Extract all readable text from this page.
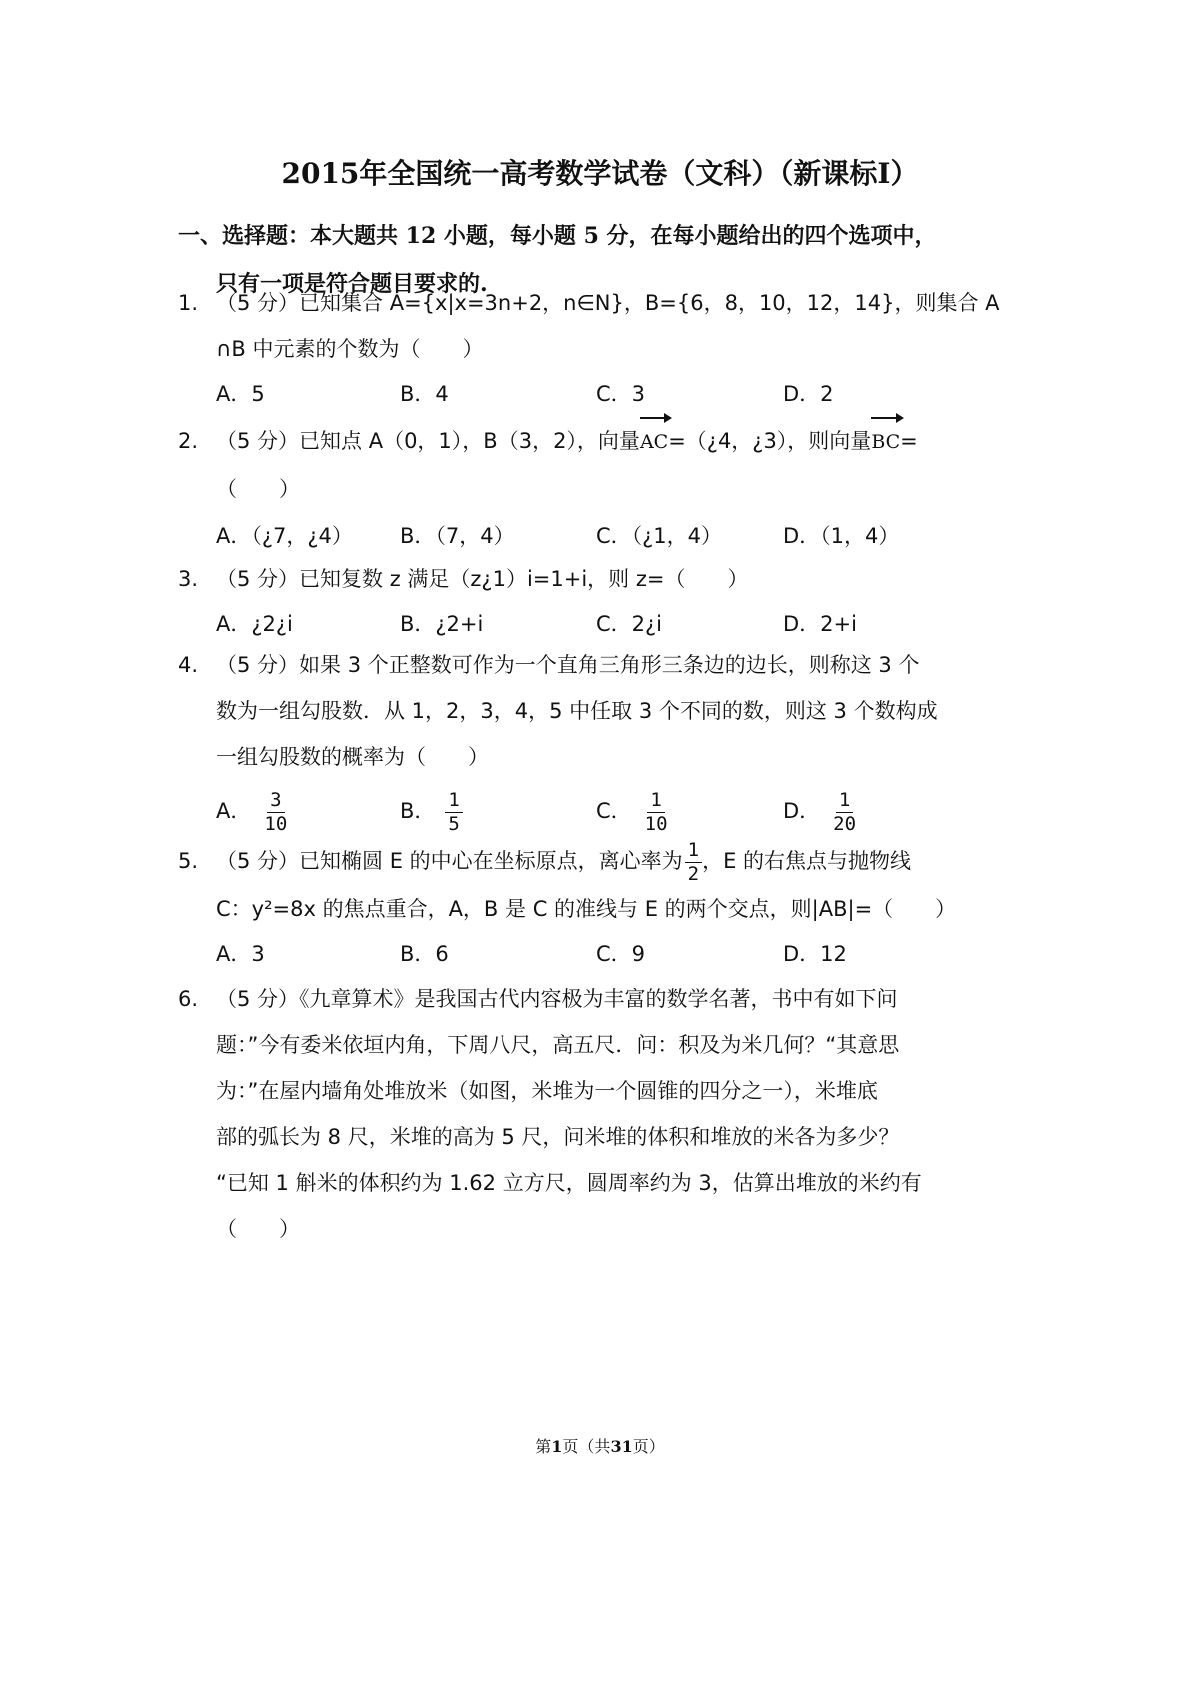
2015年全国统一高考数学试卷（文科）（新课标Ⅰ）
一、选择题：本大题共 12 小题，每小题 5 分，在每小题给出的四个选项中，
只有一项是符合题目要求的.
1. （5 分）已知集合 A={x|x=3n+2，n∈N}，B={6，8，10，12，14}，则集合 A
∩B 中元素的个数为（　　）
A．5	B．4	C．3	D．2
2. （5 分）已知点 A（0，1），B（3，2），向量
AC=（¿4，¿3），则向量
BC=
（　　）
A．（¿7，¿4） B．（7，4）	C．（¿1，4）	D．（1，4）
3. （5 分）已知复数 z 满足（z¿1）i=1+i，则 z=（　　）
A．¿2¿i	B．¿2+i	C．2¿i	D．2+i
4. （5 分）如果 3 个正整数可作为一个直角三角形三条边的边长，则称这 3 个
数为一组勾股数．从 1，2，3，4，5 中任取 3 个不同的数，则这 3 个数构成
一组勾股数的概率为（　　）
A． $\frac{3}{10}$	B． $\frac{1}{5}$	C． $\frac{1}{10}$	D． $\frac{1}{20}$
5. （5 分）已知椭圆 E 的中心在坐标原点，离心率为 $\frac{1}{2}$ ，E 的右焦点与抛物线
C：y²=8x 的焦点重合，A，B 是 C 的准线与 E 的两个交点，则|AB|=（　　）
A．3	B．6	C．9	D．12
6. （5 分）《九章算术》是我国古代内容极为丰富的数学名著，书中有如下问
题：”今有委米依垣内角，下周八尺，高五尺．问：积及为米几何？“其意思
为：”在屋内墙角处堆放米（如图，米堆为一个圆锥的四分之一），米堆底
部的弧长为 8 尺，米堆的高为 5 尺，问米堆的体积和堆放的米各为多少？
“已知 1 斛米的体积约为 1.62 立方尺，圆周率约为 3，估算出堆放的米约有
（　　）
第1页（共31页）
